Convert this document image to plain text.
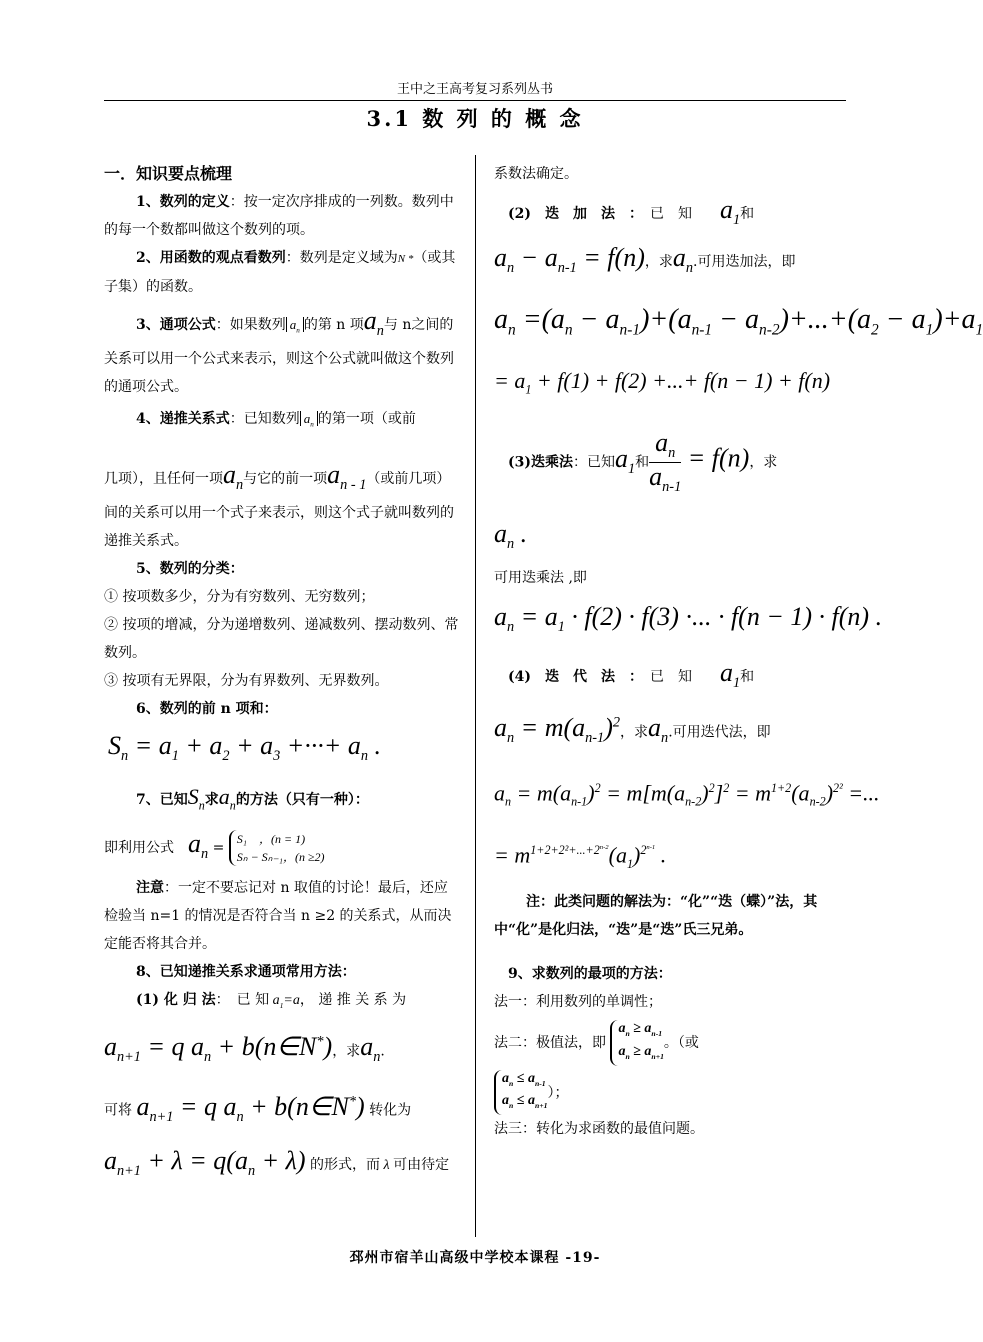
王中之王高考复习系列丛书
3.1 数 列 的 概 念

一．知识要点梳理

1、数列的定义：按一定次序排成的一列数。数列中的每一个数都叫做这个数列的项。

2、用函数的观点看数列：数列是定义域为N *（或其子集）的函数。

3、通项公式：如果数列 $a_n$ 的第 n 项$a_n$与 n之间的关系可以用一个公式来表示，则这个公式就叫做这个数列的通项公式。

4、递推关系式：已知数列 $a_n$ 的第一项（或前

几项），且任何一项$a_n$与它的前一项$a_{n - 1}$（或前几项）间的关系可以用一个式子来表示，则这个式子就叫数列的递推关系式。

5、数列的分类：

① 按项数多少，分为有穷数列、无穷数列；

② 按项的增减，分为递增数列、递减数列、摆动数列、常数列。

③ 按项有无界限，分为有界数列、无界数列。

6、数列的前 n 项和：

$S_n = a_1 + a_2 + a_3$ +···+ $a_n$ .

7、已知$S_n$求$a_n$的方法（只有一种）：

即利用公式　 $a_n$ =
S₁　，(n = 1)
Sₙ − Sₙ₋₁，(n ≥2)

注意：一定不要忘记对 n 取值的讨论！最后，还应检验当 n=1 的情况是否符合当 n ≥2 的关系式，从而决定能否将其合并。

8、已知递推关系求通项常用方法：

(1) 化 归 法：　已 知 $a_1=a$， 递 推 关 系 为

$a_{n+1} = q$ $a_n$ + b(n∈N*)，求$a_n$.

可将 $a_{n+1} = q$ $a_n$ + b(n∈N*) 转化为

$a_{n+1} + \lambda = q(a_n + \lambda)$ 的形式，而 λ 可由待定

系数法确定。

　(2)　迭　加　法　：　 已　知　　 $a_1$和

$a_n - a_{n-1} = f(n)$，求$a_n$.可用迭加法，即

$a_n =(a_n - a_{n-1})+(a_{n-1} - a_{n-2})+...+(a_2 - a_1)+a_1$

= $a_1 + f(1) + f(2)$ +...+ f(n − 1) + f(n)

　(3)迭乘法：已知$a_1$和 $\frac{a_n}{a_{n-1}} = f(n)$，求

$a_n$ .

可用迭乘法 ,即

$a_n = a_1 \cdot f(2) \cdot f(3)$ ·... · f(n − 1) · f(n) .

　(4)　迭　代　法　：　 已　知　　 $a_1$和

$a_n = m(a_{n-1})^2$，求$a_n$.可用迭代法，即

$a_n = m(a_{n-1})^2 = m[m(a_{n-2})^2]^2 = m^{1+2}(a_{n-2})^{2^2}$ =...

= $m^{1+2+2^2+...+2^{n-2}}(a_1)^{2^{n-1}}$ .

注：此类问题的解法为：“化”“迭（蝶）”法，其中“化”是化归法，“迭”是“迭”氏三兄弟。

　9、求数列的最项的方法：

法一：利用数列的单调性；

法二：极值法，即
$a_n \ge a_{n-1}$
$a_n \ge a_{n+1}$
。（或

$a_n \le a_{n-1}$
$a_n \le a_{n+1}$
）；

法三：转化为求函数的最值问题。

邳州市宿羊山高级中学校本课程 -19-
